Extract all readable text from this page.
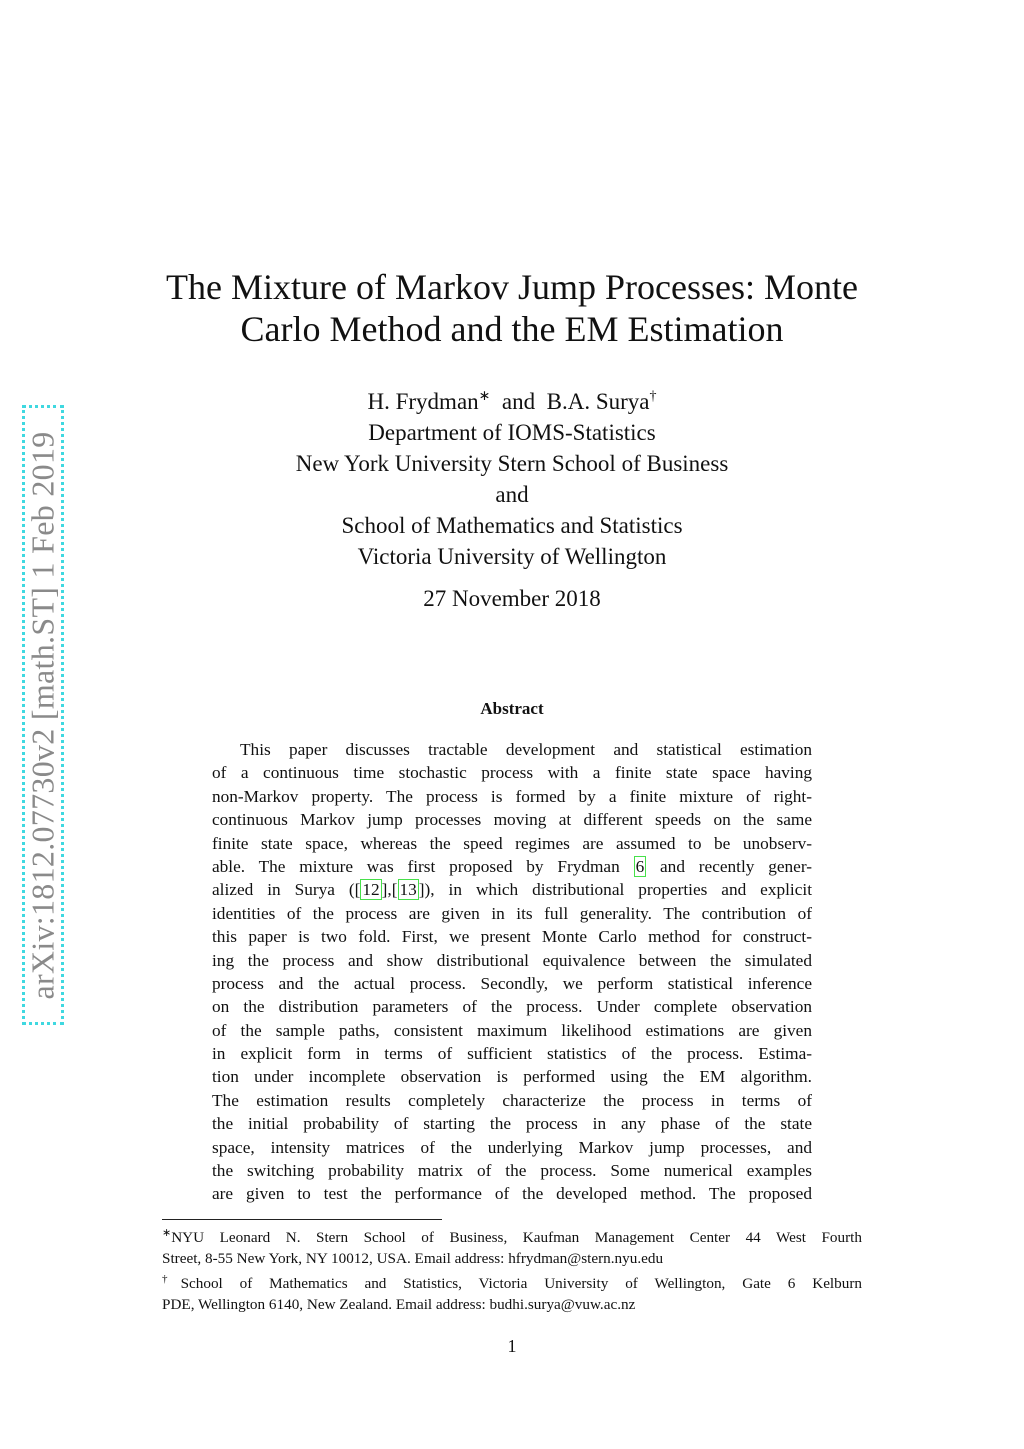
arXiv:1812.07730v2 [math.ST] 1 Feb 2019
The Mixture of Markov Jump Processes: Monte
Carlo Method and the EM Estimation
H. Frydman∗ and B.A. Surya†
Department of IOMS-Statistics
New York University Stern School of Business
and
School of Mathematics and Statistics
Victoria University of Wellington
27 November 2018
Abstract
This paper discusses tractable development and statistical estimation
of a continuous time stochastic process with a finite state space having
non-Markov property. The process is formed by a finite mixture of right-
continuous Markov jump processes moving at different speeds on the same
finite state space, whereas the speed regimes are assumed to be unobserv-
able. The mixture was first proposed by Frydman 6 and recently gener-
alized in Surya ([ 12 ],[ 13 ]), in which distributional properties and explicit
identities of the process are given in its full generality. The contribution of
this paper is two fold. First, we present Monte Carlo method for construct-
ing the process and show distributional equivalence between the simulated
process and the actual process. Secondly, we perform statistical inference
on the distribution parameters of the process. Under complete observation
of the sample paths, consistent maximum likelihood estimations are given
in explicit form in terms of sufficient statistics of the process. Estima-
tion under incomplete observation is performed using the EM algorithm.
The estimation results completely characterize the process in terms of
the initial probability of starting the process in any phase of the state
space, intensity matrices of the underlying Markov jump processes, and
the switching probability matrix of the process. Some numerical examples
are given to test the performance of the developed method. The proposed
∗NYU Leonard N. Stern School of Business, Kaufman Management Center 44 West Fourth
Street, 8-55 New York, NY 10012, USA. Email address: hfrydman@stern.nyu.edu
†School of Mathematics and Statistics, Victoria University of Wellington, Gate 6 Kelburn
PDE, Wellington 6140, New Zealand. Email address: budhi.surya@vuw.ac.nz
1
